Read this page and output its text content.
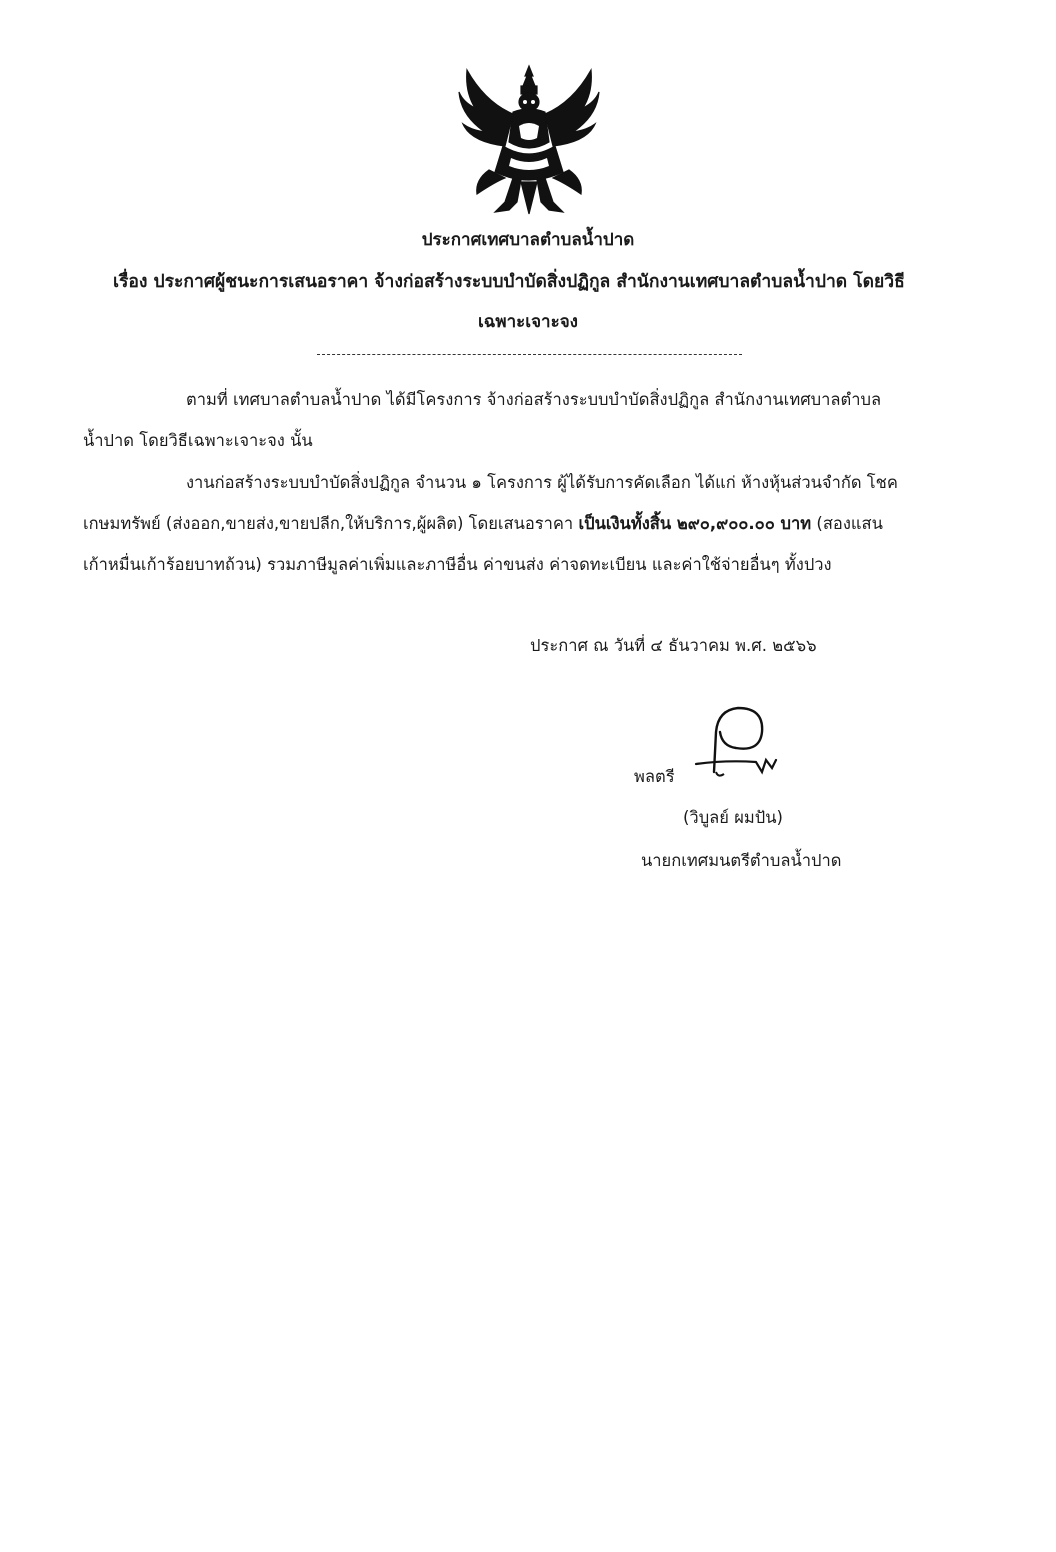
ประกาศเทศบาลตำบลน้ำปาด
เรื่อง ประกาศผู้ชนะการเสนอราคา จ้างก่อสร้างระบบบำบัดสิ่งปฏิกูล สำนักงานเทศบาลตำบลน้ำปาด โดยวิธี
เฉพาะเจาะจง
ตามที่ เทศบาลตำบลน้ำปาด ได้มีโครงการ จ้างก่อสร้างระบบบำบัดสิ่งปฏิกูล สำนักงานเทศบาลตำบล
น้ำปาด โดยวิธีเฉพาะเจาะจง นั้น
งานก่อสร้างระบบบำบัดสิ่งปฏิกูล จำนวน ๑ โครงการ ผู้ได้รับการคัดเลือก ได้แก่ ห้างหุ้นส่วนจำกัด โชค
เกษมทรัพย์ (ส่งออก,ขายส่ง,ขายปลีก,ให้บริการ,ผู้ผลิต) โดยเสนอราคา เป็นเงินทั้งสิ้น ๒๙๐,๙๐๐.๐๐ บาท (สองแสน
เก้าหมื่นเก้าร้อยบาทถ้วน) รวมภาษีมูลค่าเพิ่มและภาษีอื่น ค่าขนส่ง ค่าจดทะเบียน และค่าใช้จ่ายอื่นๆ ทั้งปวง
ประกาศ ณ วันที่ ๔ ธันวาคม พ.ศ. ๒๕๖๖
พลตรี
(วิบูลย์ ผมปัน)
นายกเทศมนตรีตำบลน้ำปาด
